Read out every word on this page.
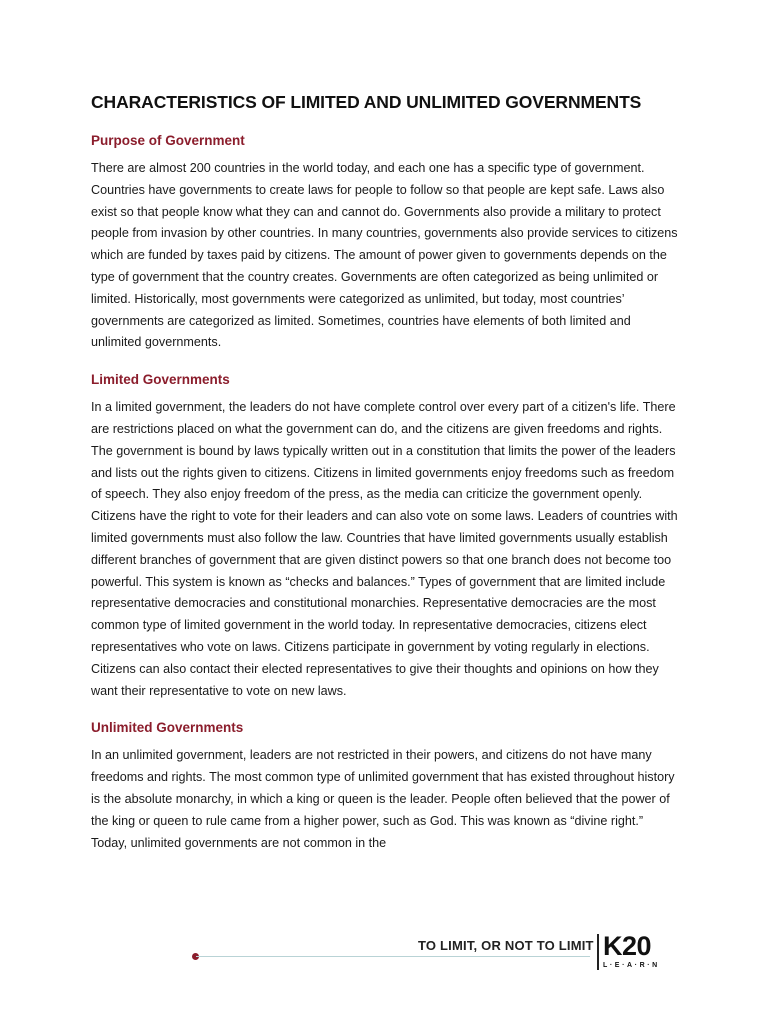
CHARACTERISTICS OF LIMITED AND UNLIMITED GOVERNMENTS
Purpose of Government

There are almost 200 countries in the world today, and each one has a specific type of government. Countries have governments to create laws for people to follow so that people are kept safe. Laws also exist so that people know what they can and cannot do. Governments also provide a military to protect people from invasion by other countries. In many countries, governments also provide services to citizens which are funded by taxes paid by citizens. The amount of power given to governments depends on the type of government that the country creates. Governments are often categorized as being unlimited or limited. Historically, most governments were categorized as unlimited, but today, most countries’ governments are categorized as limited. Sometimes, countries have elements of both limited and unlimited governments.

Limited Governments

In a limited government, the leaders do not have complete control over every part of a citizen's life. There are restrictions placed on what the government can do, and the citizens are given freedoms and rights. The government is bound by laws typically written out in a constitution that limits the power of the leaders and lists out the rights given to citizens. Citizens in limited governments enjoy freedoms such as freedom of speech. They also enjoy freedom of the press, as the media can criticize the government openly. Citizens have the right to vote for their leaders and can also vote on some laws. Leaders of countries with limited governments must also follow the law. Countries that have limited governments usually establish different branches of government that are given distinct powers so that one branch does not become too powerful. This system is known as “checks and balances.” Types of government that are limited include representative democracies and constitutional monarchies. Representative democracies are the most common type of limited government in the world today. In representative democracies, citizens elect representatives who vote on laws. Citizens participate in government by voting regularly in elections. Citizens can also contact their elected representatives to give their thoughts and opinions on how they want their representative to vote on new laws.

Unlimited Governments

In an unlimited government, leaders are not restricted in their powers, and citizens do not have many freedoms and rights. The most common type of unlimited government that has existed throughout history is the absolute monarchy, in which a king or queen is the leader. People often believed that the power of the king or queen to rule came from a higher power, such as God. This was known as “divine right.” Today, unlimited governments are not common in the

TO LIMIT, OR NOT TO LIMIT K20
L·E·A·R·N
